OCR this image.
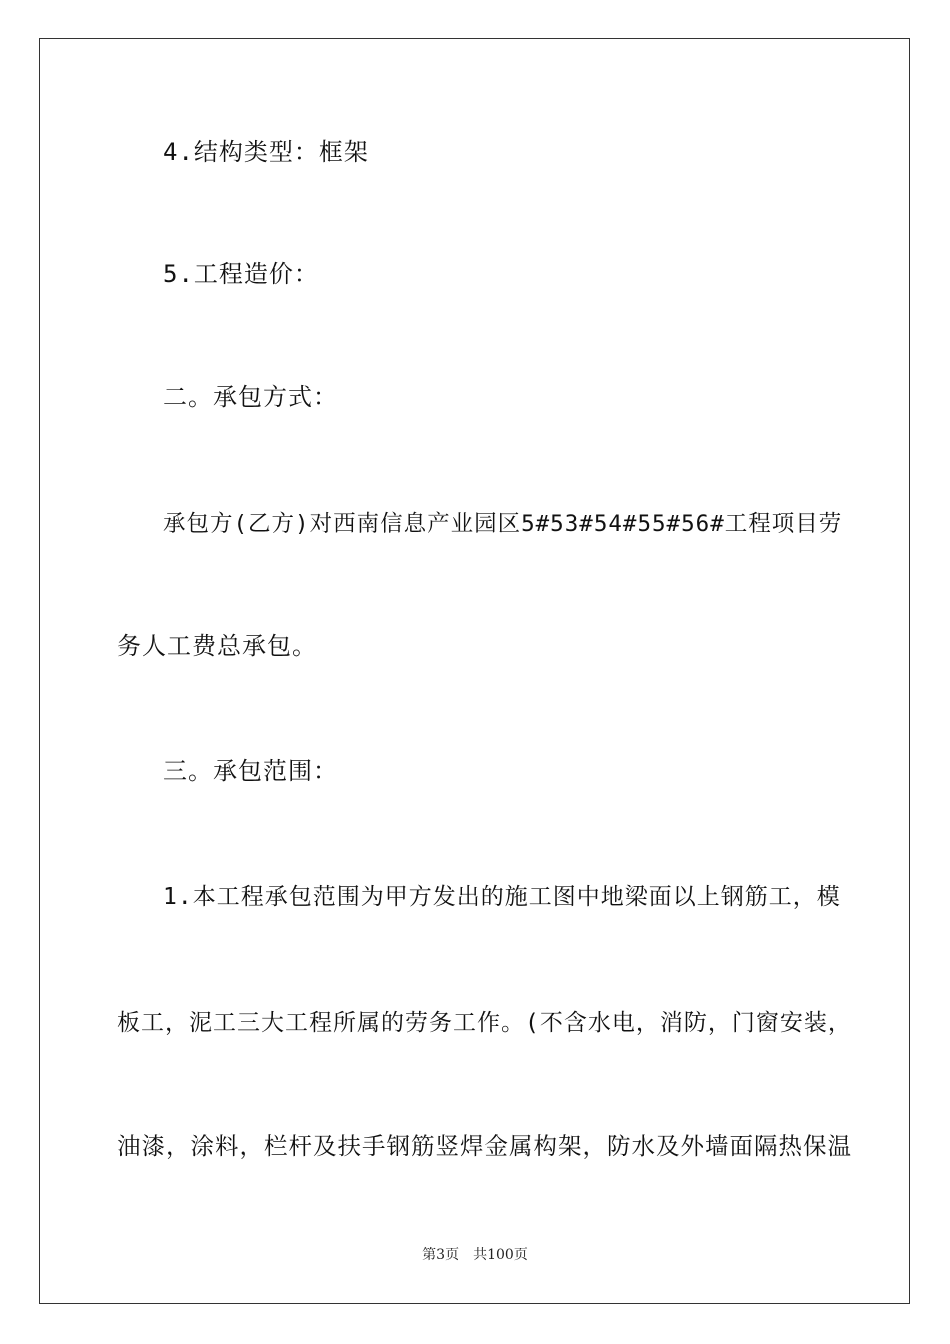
4.结构类型：框架

5.工程造价：

二。承包方式：

承包方(乙方)对西南信息产业园区5#53#54#55#56#工程项目劳

务人工费总承包。

三。承包范围：

1.本工程承包范围为甲方发出的施工图中地梁面以上钢筋工，模

板工，泥工三大工程所属的劳务工作。(不含水电，消防，门窗安装，

油漆，涂料，栏杆及扶手钢筋竖焊金属构架，防水及外墙面隔热保温

第3页 共100页
